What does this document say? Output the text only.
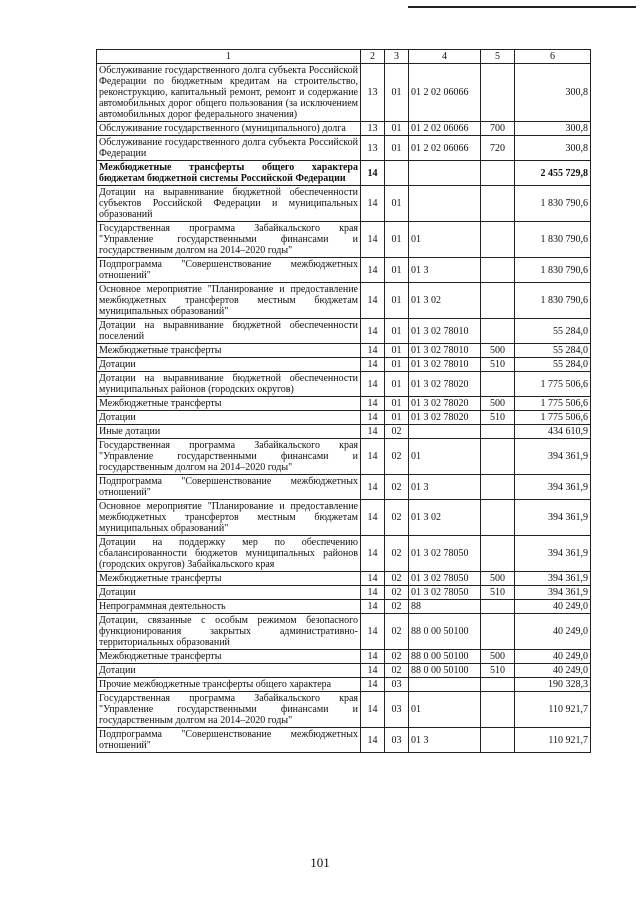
1	2	3	4	5	6
Обслуживание государственного долга субъекта Российской Федерации по бюджетным кредитам на строительство, реконструкцию, капитальный ремонт, ремонт и содержание автомобильных дорог общего пользования (за исключением автомобильных дорог федерального значения)	13	01	01 2 02 06066		300,8
Обслуживание государственного (муниципального) долга	13	01	01 2 02 06066	700	300,8
Обслуживание государственного долга субъекта Российской Федерации	13	01	01 2 02 06066	720	300,8
Межбюджетные трансферты общего характера бюджетам бюджетной системы Российской Федерации	14				2 455 729,8
Дотации на выравнивание бюджетной обеспеченности субъектов Российской Федерации и муниципальных образований	14	01			1 830 790,6
Государственная программа Забайкальского края "Управление государственными финансами и государственным долгом на 2014–2020 годы"	14	01	01		1 830 790,6
Подпрограмма "Совершенствование межбюджетных отношений"	14	01	01 3		1 830 790,6
Основное мероприятие "Планирование и предоставление межбюджетных трансфертов местным бюджетам муниципальных образований"	14	01	01 3 02		1 830 790,6
Дотации на выравнивание бюджетной обеспеченности поселений	14	01	01 3 02 78010		55 284,0
Межбюджетные трансферты	14	01	01 3 02 78010	500	55 284,0
Дотации	14	01	01 3 02 78010	510	55 284,0
Дотации на выравнивание бюджетной обеспеченности муниципальных районов (городских округов)	14	01	01 3 02 78020		1 775 506,6
Межбюджетные трансферты	14	01	01 3 02 78020	500	1 775 506,6
Дотации	14	01	01 3 02 78020	510	1 775 506,6
Иные дотации	14	02			434 610,9
Государственная программа Забайкальского края "Управление государственными финансами и государственным долгом на 2014–2020 годы"	14	02	01		394 361,9
Подпрограмма "Совершенствование межбюджетных отношений"	14	02	01 3		394 361,9
Основное мероприятие "Планирование и предоставление межбюджетных трансфертов местным бюджетам муниципальных образований"	14	02	01 3 02		394 361,9
Дотации на поддержку мер по обеспечению сбалансированности бюджетов муниципальных районов (городских округов) Забайкальского края	14	02	01 3 02 78050		394 361,9
Межбюджетные трансферты	14	02	01 3 02 78050	500	394 361,9
Дотации	14	02	01 3 02 78050	510	394 361,9
Непрограммная деятельность	14	02	88		40 249,0
Дотации, связанные с особым режимом безопасного функционирования закрытых административно-территориальных образований	14	02	88 0 00 50100		40 249,0
Межбюджетные трансферты	14	02	88 0 00 50100	500	40 249,0
Дотации	14	02	88 0 00 50100	510	40 249,0
Прочие межбюджетные трансферты общего характера	14	03			190 328,3
Государственная программа Забайкальского края "Управление государственными финансами и государственным долгом на 2014–2020 годы"	14	03	01		110 921,7
Подпрограмма "Совершенствование межбюджетных отношений"	14	03	01 3		110 921,7
101
